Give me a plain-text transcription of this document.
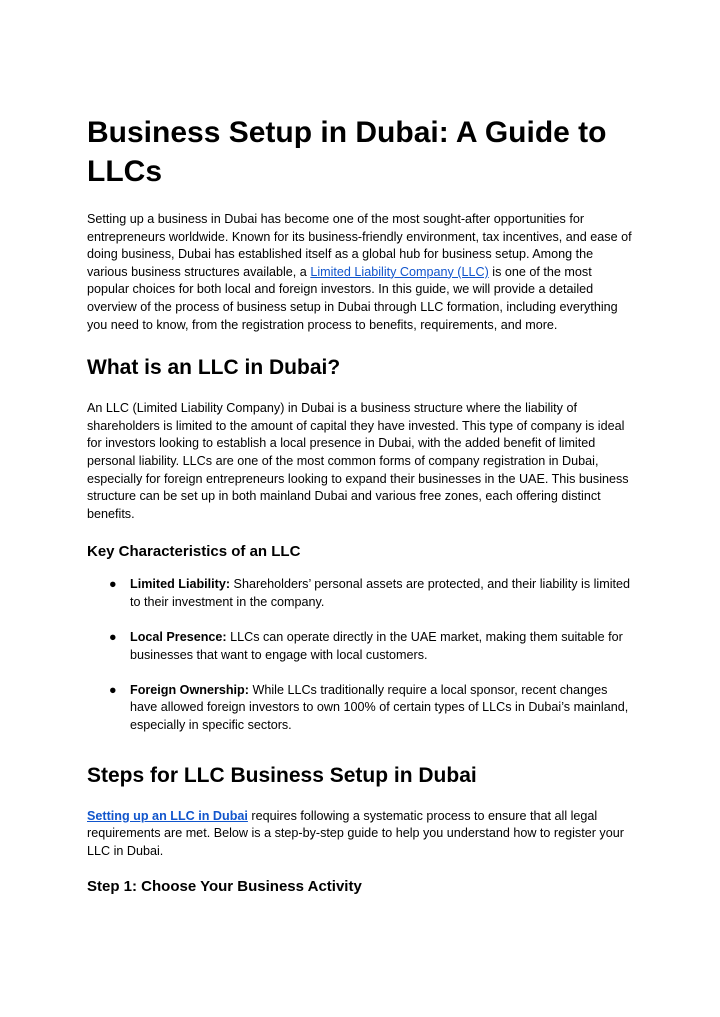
Business Setup in Dubai: A Guide to LLCs

Setting up a business in Dubai has become one of the most sought-after opportunities for entrepreneurs worldwide. Known for its business-friendly environment, tax incentives, and ease of doing business, Dubai has established itself as a global hub for business setup. Among the various business structures available, a Limited Liability Company (LLC) is one of the most popular choices for both local and foreign investors. In this guide, we will provide a detailed overview of the process of business setup in Dubai through LLC formation, including everything you need to know, from the registration process to benefits, requirements, and more.

What is an LLC in Dubai?

An LLC (Limited Liability Company) in Dubai is a business structure where the liability of shareholders is limited to the amount of capital they have invested. This type of company is ideal for investors looking to establish a local presence in Dubai, with the added benefit of limited personal liability. LLCs are one of the most common forms of company registration in Dubai, especially for foreign entrepreneurs looking to expand their businesses in the UAE. This business structure can be set up in both mainland Dubai and various free zones, each offering distinct benefits.

Key Characteristics of an LLC
● Limited Liability: Shareholders’ personal assets are protected, and their liability is limited to their investment in the company.
● Local Presence: LLCs can operate directly in the UAE market, making them suitable for businesses that want to engage with local customers.
● Foreign Ownership: While LLCs traditionally require a local sponsor, recent changes have allowed foreign investors to own 100% of certain types of LLCs in Dubai’s mainland, especially in specific sectors.
Steps for LLC Business Setup in Dubai

Setting up an LLC in Dubai requires following a systematic process to ensure that all legal requirements are met. Below is a step-by-step guide to help you understand how to register your LLC in Dubai.

Step 1: Choose Your Business Activity
